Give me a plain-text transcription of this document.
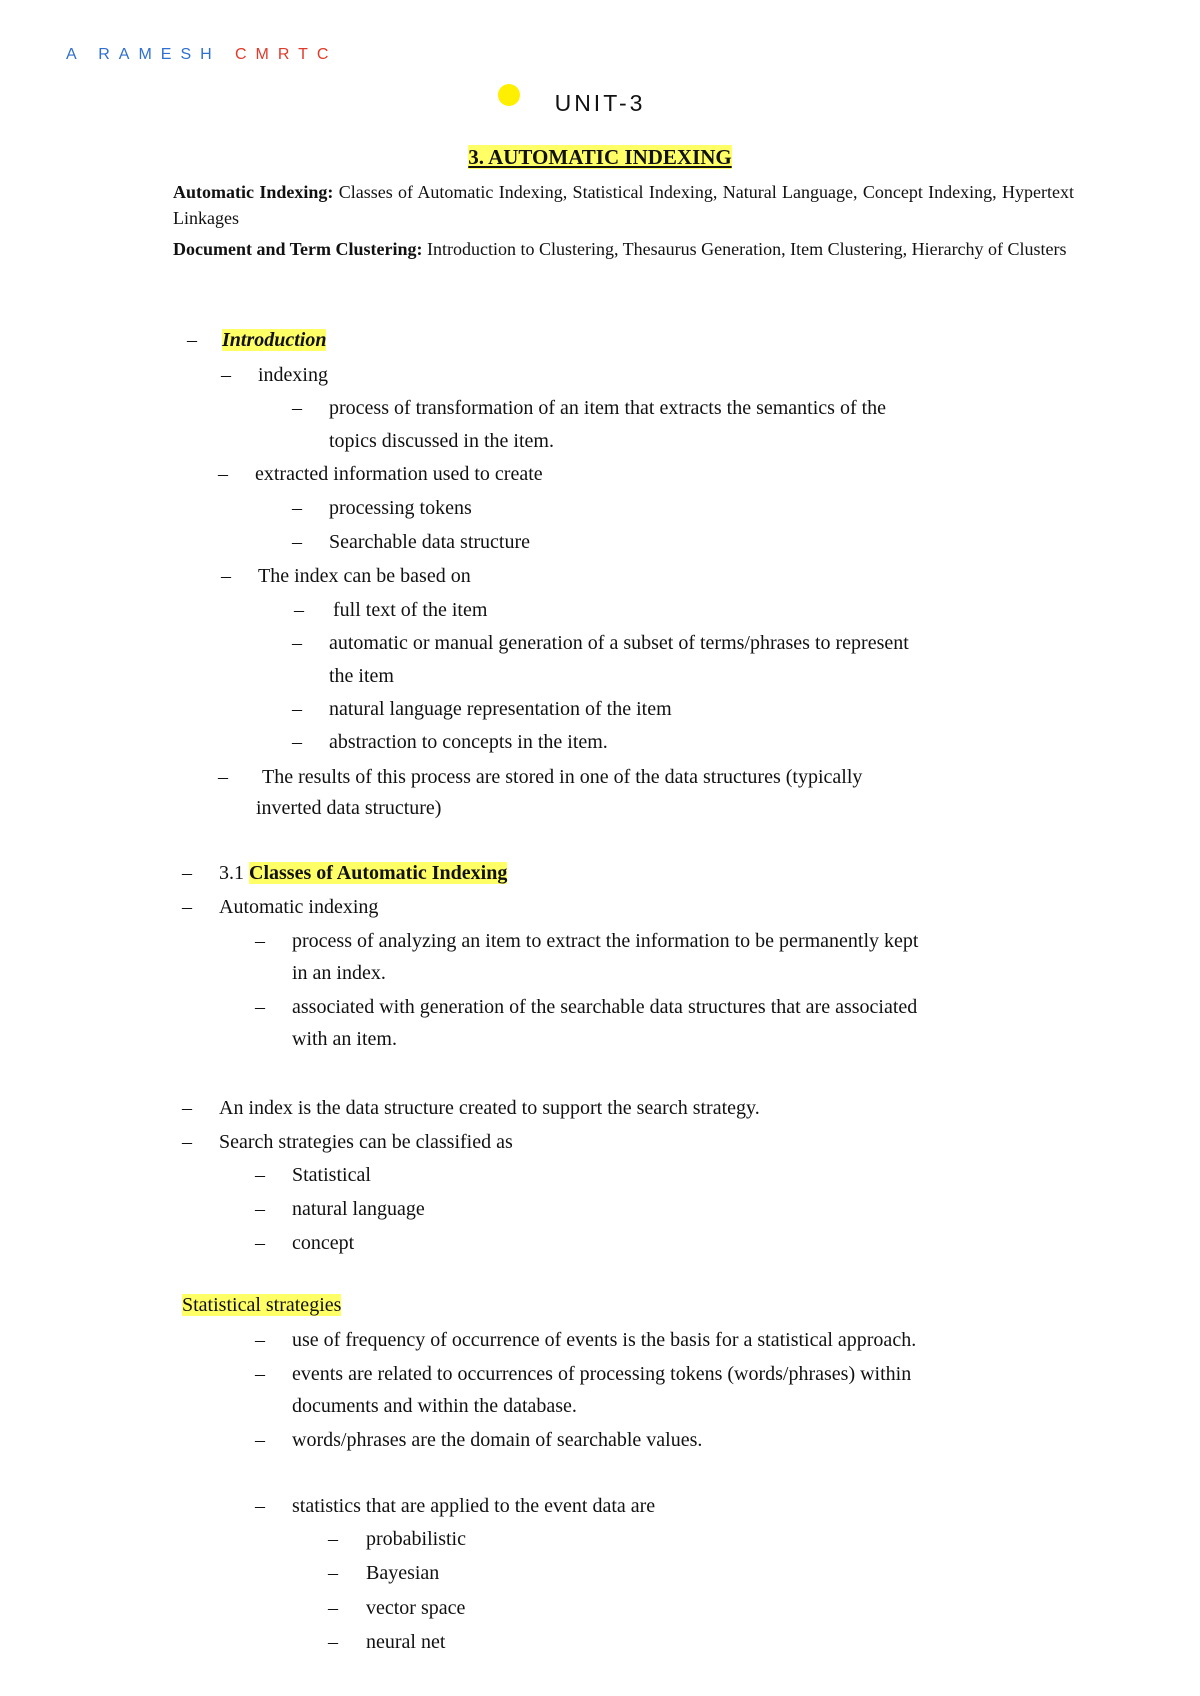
A RAMESH CMRTC
UNIT-3
3. AUTOMATIC INDEXING
Automatic Indexing: Classes of Automatic Indexing, Statistical Indexing, Natural Language, Concept Indexing, Hypertext Linkages
Document and Term Clustering: Introduction to Clustering, Thesaurus Generation, Item Clustering, Hierarchy of Clusters
– Introduction
– indexing
– process of transformation of an item that extracts the semantics of the
topics discussed in the item.
– extracted information used to create
– processing tokens
– Searchable data structure
– The index can be based on
– full text of the item
– automatic or manual generation of a subset of terms/phrases to represent
the item
– natural language representation of the item
– abstraction to concepts in the item.
– The results of this process are stored in one of the data structures (typically
inverted data structure)
– 3.1 Classes of Automatic Indexing
– Automatic indexing
– process of analyzing an item to extract the information to be permanently kept
in an index.
– associated with generation of the searchable data structures that are associated
with an item.
– An index is the data structure created to support the search strategy.
– Search strategies can be classified as
– Statistical
– natural language
– concept
Statistical strategies
– use of frequency of occurrence of events is the basis for a statistical approach.
– events are related to occurrences of processing tokens (words/phrases) within
documents and within the database.
– words/phrases are the domain of searchable values.
– statistics that are applied to the event data are
– probabilistic
– Bayesian
– vector space
– neural net
